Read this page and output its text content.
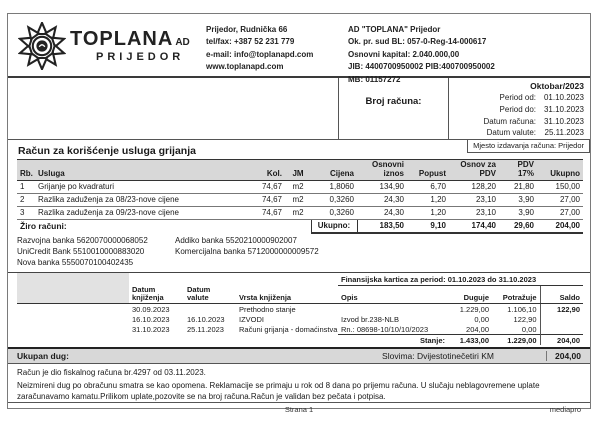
TOPLANA AD
PRIJEDOR
Prijedor, Rudnička 66
tel/fax: +387 52 231 779
e-mail: info@toplanapd.com
www.toplanapd.com
AD "TOPLANA" Prijedor
Ok. pr. sud BL: 057-0-Reg-14-000617
Osnovni kapital: 2.040.000,00
JIB: 4400700950002 PIB:400700950002
MB: 01157272
Broj računa:
Oktobar/2023
Period od: 01.10.2023
Period do: 31.10.2023
Datum računa: 31.10.2023
Datum valute: 25.11.2023
Račun za korišćenje usluga grijanja	Mjesto izdavanja računa: Prijedor
Rb.	Usluga	Kol.	JM	Cijena	Osnovni iznos	Popust	Osnov za PDV	PDV 17%	Ukupno
1	Grijanje po kvadraturi	74,67	m2	1,8060	134,90	6,70	128,20	21,80	150,00
2	Razlika zaduženja za 08/23-nove cijene	74,67	m2	0,3260	24,30	1,20	23,10	3,90	27,00
3	Razlika zaduženja za 09/23-nove cijene	74,67	m2	0,3260	24,30	1,20	23,10	3,90	27,00
Žiro računi:				Ukupno:	183,50	9,10	174,40	29,60	204,00
Razvojna banka 5620070000068052	Addiko banka 5520210000902007
UniCredit Bank 5510010000883020	Komercijalna banka 5712000000009572
Nova banka 5550070100402435
				Finansijska kartica za period: 01.10.2023 do 31.10.2023			
	Datum knjiženja	Datum valute	Vrsta knjiženja	Opis	Duguje	Potražuje	Saldo
	30.09.2023		Prethodno stanje		1.229,00	1.106,10	122,90
	16.10.2023	16.10.2023	IZVODI	Izvod br.238-NLB	0,00	122,90	
	31.10.2023	25.11.2023	Računi grijanja - domaćinstva	Rn.: 08698-10/10/10/2023	204,00	0,00	
				Stanje:	1.433,00	1.229,00	204,00
Ukupan dug:	Slovima: Dvijestotinečetiri KM	204,00
Račun je dio fiskalnog računa br.4297 od 03.11.2023.
Neizmireni dug po obračunu smatra se kao opomena. Reklamacije se primaju u rok od 8 dana po prijemu računa. U slučaju neblagovremene uplate zaračunavamo kamatu.Prilikom uplate,pozovite se na broj računa.Račun je validan bez pečata i potpisa.
Strana 1	mediapro
